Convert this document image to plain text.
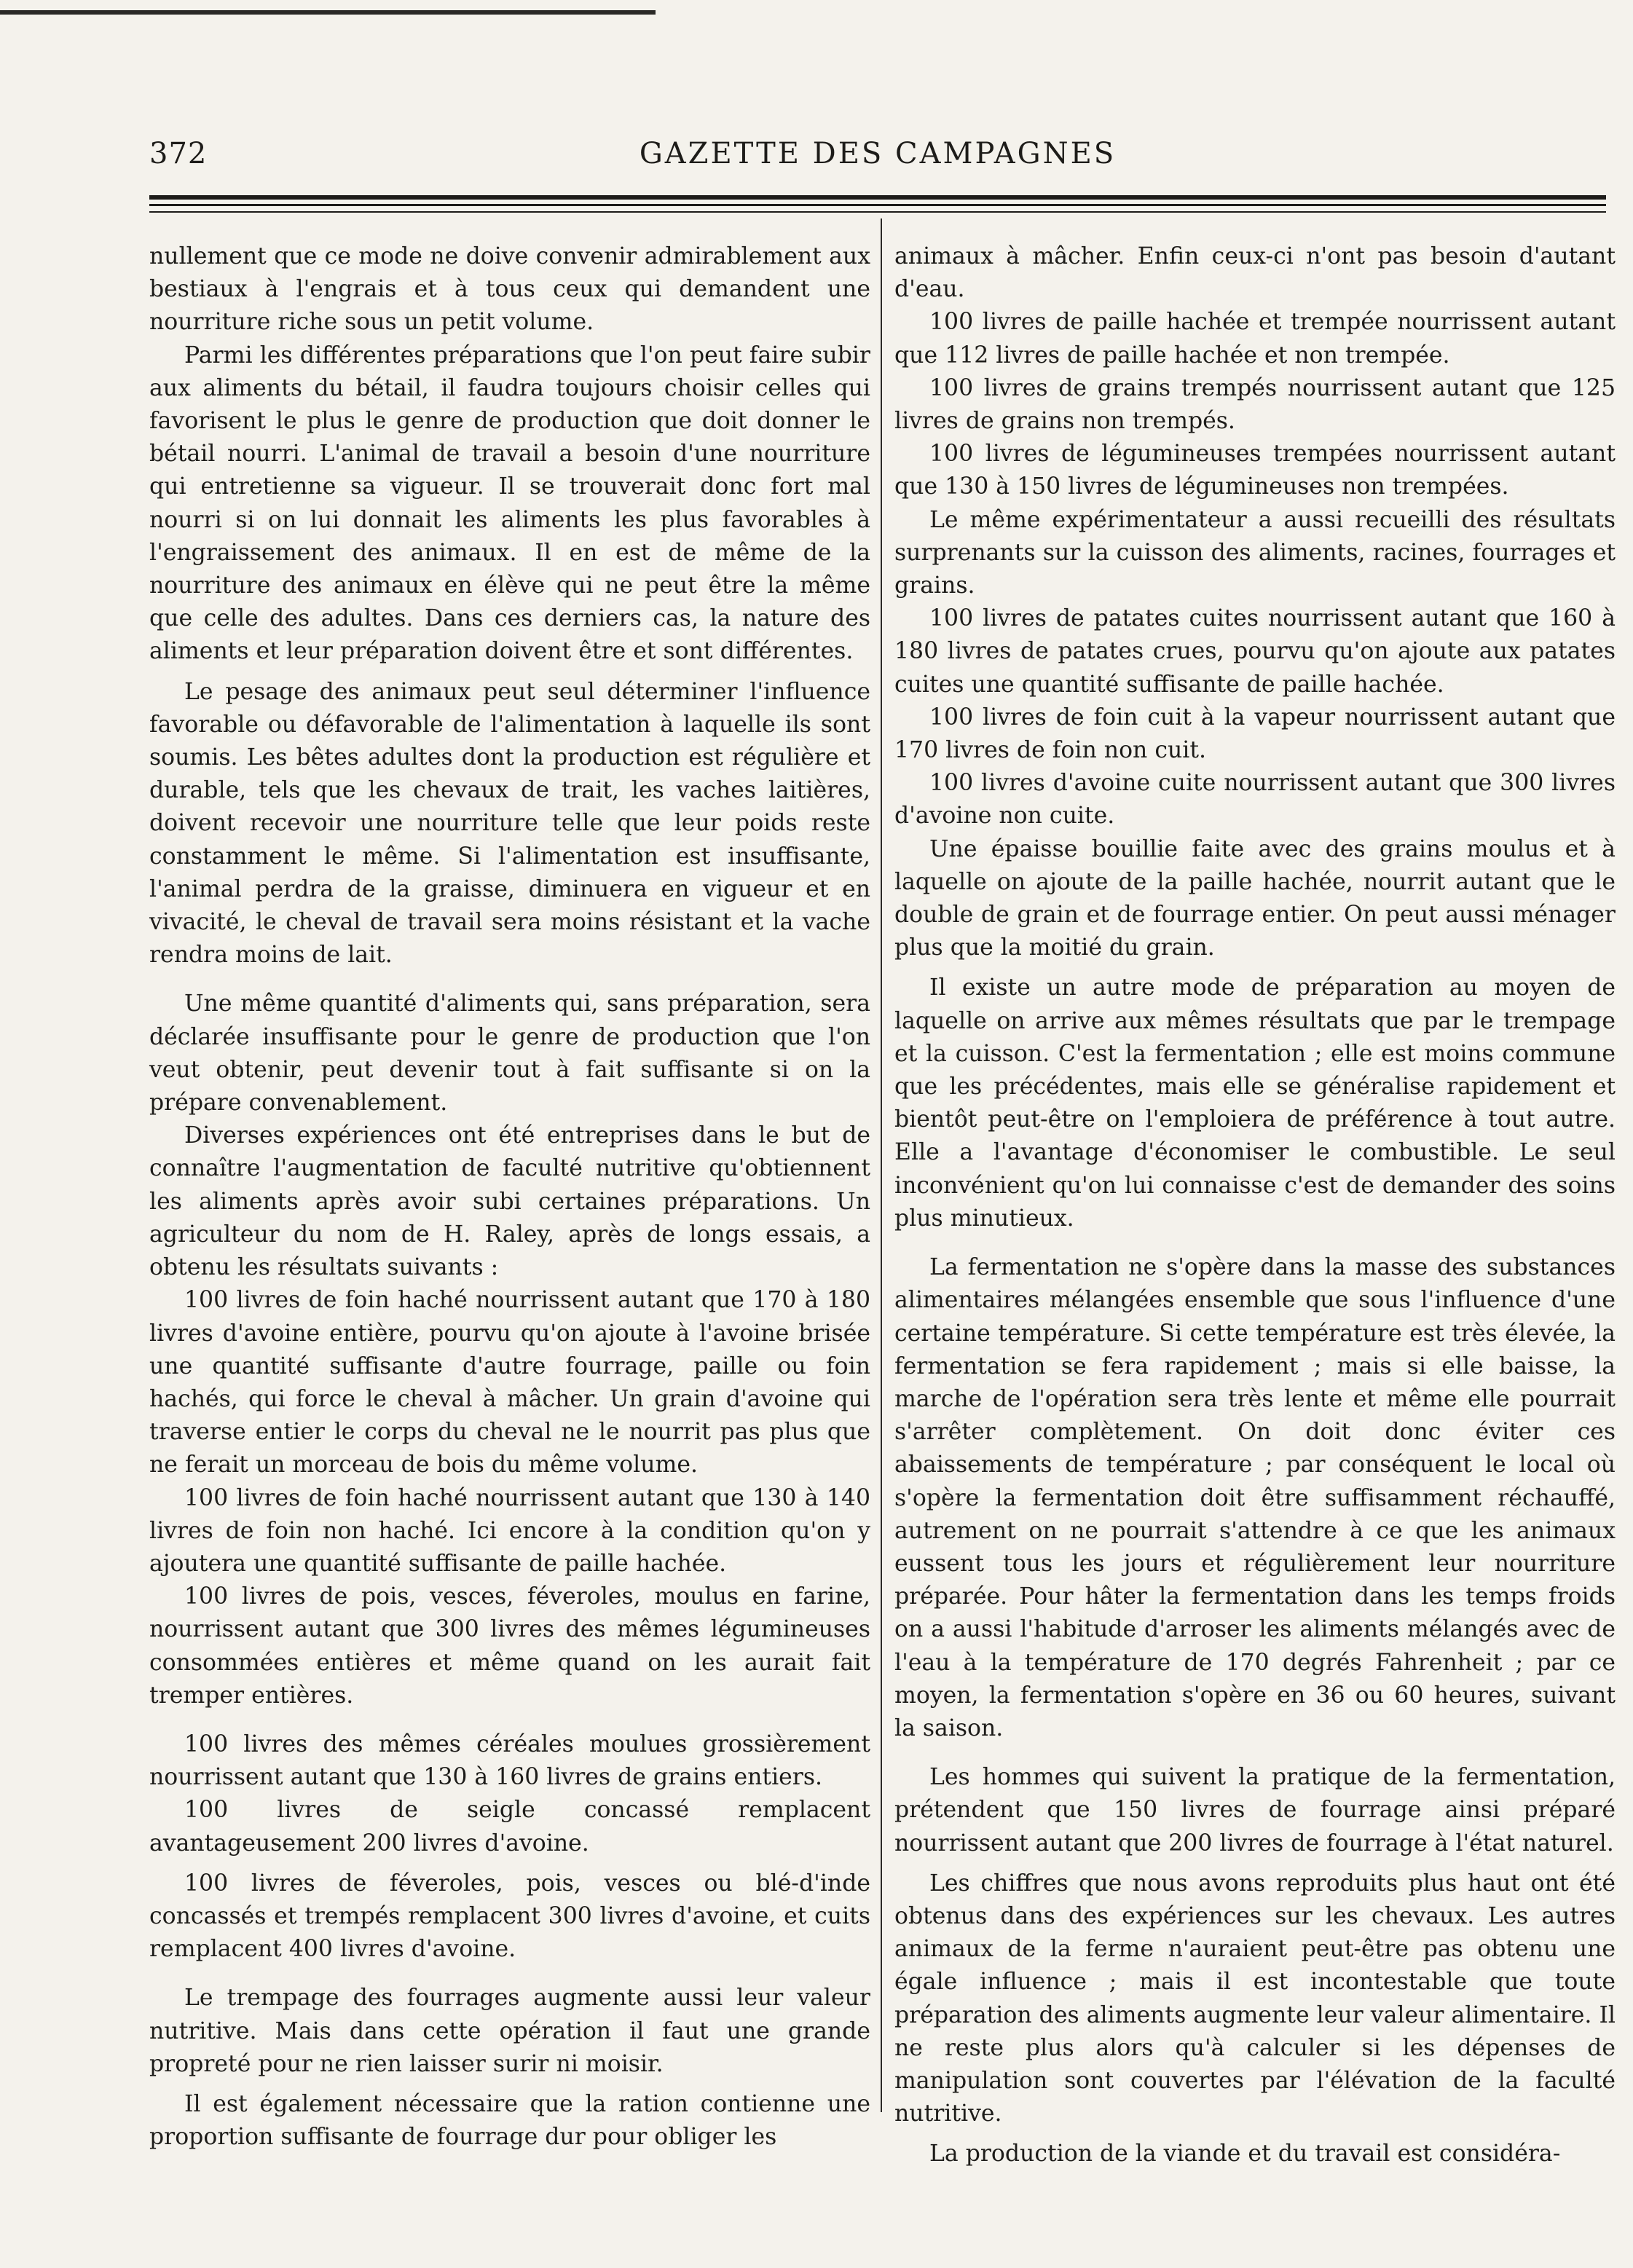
372	GAZETTE DES CAMPAGNES

nullement que ce mode ne doive convenir admirablement aux bestiaux à l'engrais et à tous ceux qui demandent une nourriture riche sous un petit volume.

Parmi les différentes préparations que l'on peut faire subir aux aliments du bétail, il faudra toujours choisir celles qui favorisent le plus le genre de production que doit donner le bétail nourri. L'animal de travail a besoin d'une nourriture qui entretienne sa vigueur. Il se trouverait donc fort mal nourri si on lui donnait les aliments les plus favorables à l'engraissement des animaux. Il en est de même de la nourriture des animaux en élève qui ne peut être la même que celle des adultes. Dans ces derniers cas, la nature des aliments et leur préparation doivent être et sont différentes.

Le pesage des animaux peut seul déterminer l'influence favorable ou défavorable de l'alimentation à laquelle ils sont soumis. Les bêtes adultes dont la production est régulière et durable, tels que les chevaux de trait, les vaches laitières, doivent recevoir une nourriture telle que leur poids reste constamment le même. Si l'alimentation est insuffisante, l'animal perdra de la graisse, diminuera en vigueur et en vivacité, le cheval de travail sera moins résistant et la vache rendra moins de lait.

Une même quantité d'aliments qui, sans préparation, sera déclarée insuffisante pour le genre de production que l'on veut obtenir, peut devenir tout à fait suffisante si on la prépare convenablement.

Diverses expériences ont été entreprises dans le but de connaître l'augmentation de faculté nutritive qu'obtiennent les aliments après avoir subi certaines préparations. Un agriculteur du nom de H. Raley, après de longs essais, a obtenu les résultats suivants :

100 livres de foin haché nourrissent autant que 170 à 180 livres d'avoine entière, pourvu qu'on ajoute à l'avoine brisée une quantité suffisante d'autre fourrage, paille ou foin hachés, qui force le cheval à mâcher. Un grain d'avoine qui traverse entier le corps du cheval ne le nourrit pas plus que ne ferait un morceau de bois du même volume.

100 livres de foin haché nourrissent autant que 130 à 140 livres de foin non haché. Ici encore à la condition qu'on y ajoutera une quantité suffisante de paille hachée.

100 livres de pois, vesces, féveroles, moulus en farine, nourrissent autant que 300 livres des mêmes légumineuses consommées entières et même quand on les aurait fait tremper entières.

100 livres des mêmes céréales moulues grossièrement nourrissent autant que 130 à 160 livres de grains entiers.

100 livres de seigle concassé remplacent avantageusement 200 livres d'avoine.

100 livres de féveroles, pois, vesces ou blé-d'inde concassés et trempés remplacent 300 livres d'avoine, et cuits remplacent 400 livres d'avoine.

Le trempage des fourrages augmente aussi leur valeur nutritive. Mais dans cette opération il faut une grande propreté pour ne rien laisser surir ni moisir.

Il est également nécessaire que la ration contienne une proportion suffisante de fourrage dur pour obliger les

animaux à mâcher. Enfin ceux-ci n'ont pas besoin d'autant d'eau.

100 livres de paille hachée et trempée nourrissent autant que 112 livres de paille hachée et non trempée.

100 livres de grains trempés nourrissent autant que 125 livres de grains non trempés.

100 livres de légumineuses trempées nourrissent autant que 130 à 150 livres de légumineuses non trempées.

Le même expérimentateur a aussi recueilli des résultats surprenants sur la cuisson des aliments, racines, fourrages et grains.

100 livres de patates cuites nourrissent autant que 160 à 180 livres de patates crues, pourvu qu'on ajoute aux patates cuites une quantité suffisante de paille hachée.

100 livres de foin cuit à la vapeur nourrissent autant que 170 livres de foin non cuit.

100 livres d'avoine cuite nourrissent autant que 300 livres d'avoine non cuite.

Une épaisse bouillie faite avec des grains moulus et à laquelle on ajoute de la paille hachée, nourrit autant que le double de grain et de fourrage entier. On peut aussi ménager plus que la moitié du grain.

Il existe un autre mode de préparation au moyen de laquelle on arrive aux mêmes résultats que par le trempage et la cuisson. C'est la fermentation ; elle est moins commune que les précédentes, mais elle se généralise rapidement et bientôt peut-être on l'emploiera de préférence à tout autre. Elle a l'avantage d'économiser le combustible. Le seul inconvénient qu'on lui connaisse c'est de demander des soins plus minutieux.

La fermentation ne s'opère dans la masse des substances alimentaires mélangées ensemble que sous l'influence d'une certaine température. Si cette température est très élevée, la fermentation se fera rapidement ; mais si elle baisse, la marche de l'opération sera très lente et même elle pourrait s'arrêter complètement. On doit donc éviter ces abaissements de température ; par conséquent le local où s'opère la fermentation doit être suffisamment réchauffé, autrement on ne pourrait s'attendre à ce que les animaux eussent tous les jours et régulièrement leur nourriture préparée. Pour hâter la fermentation dans les temps froids on a aussi l'habitude d'arroser les aliments mélangés avec de l'eau à la température de 170 degrés Fahrenheit ; par ce moyen, la fermentation s'opère en 36 ou 60 heures, suivant la saison.

Les hommes qui suivent la pratique de la fermentation, prétendent que 150 livres de fourrage ainsi préparé nourrissent autant que 200 livres de fourrage à l'état naturel.

Les chiffres que nous avons reproduits plus haut ont été obtenus dans des expériences sur les chevaux. Les autres animaux de la ferme n'auraient peut-être pas obtenu une égale influence ; mais il est incontestable que toute préparation des aliments augmente leur valeur alimentaire. Il ne reste plus alors qu'à calculer si les dépenses de manipulation sont couvertes par l'élévation de la faculté nutritive.

La production de la viande et du travail est considéra-
